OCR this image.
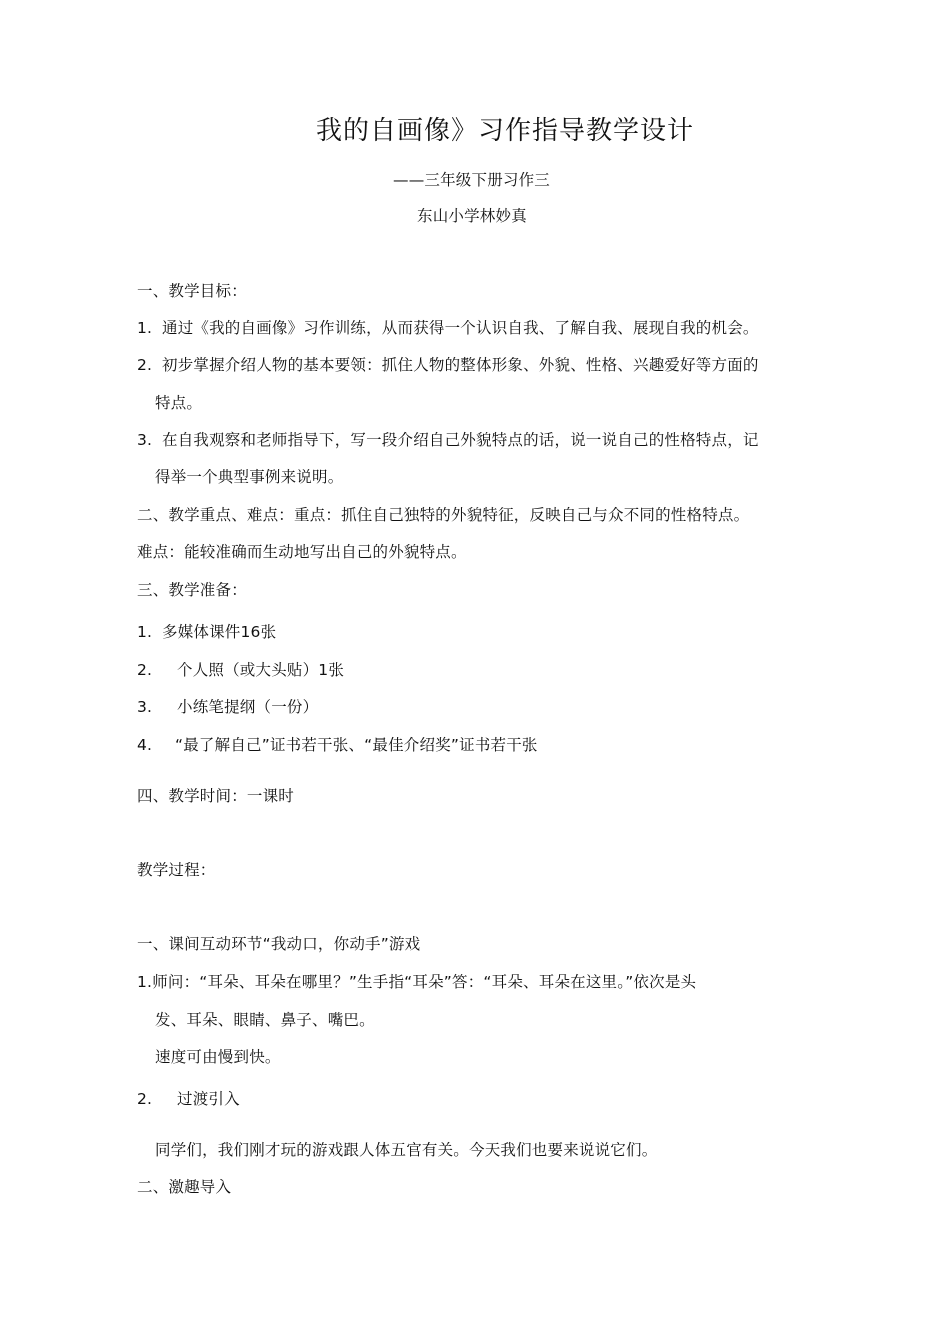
我的自画像》习作指导教学设计
——三年级下册习作三
东山小学林妙真
一、教学目标：
1. 通过《我的自画像》习作训练，从而获得一个认识自我、了解自我、展现自我的机会。
2. 初步掌握介绍人物的基本要领：抓住人物的整体形象、外貌、性格、兴趣爱好等方面的
特点。
3. 在自我观察和老师指导下，写一段介绍自己外貌特点的话，说一说自己的性格特点，记
得举一个典型事例来说明。
二、教学重点、难点：重点：抓住自己独特的外貌特征，反映自己与众不同的性格特点。
难点：能较准确而生动地写出自己的外貌特点。
三、教学准备：
1. 多媒体课件16张
2. 个人照（或大头贴）1张
3. 小练笔提纲（一份）
4. “最了解自己”证书若干张、“最佳介绍奖”证书若干张
四、教学时间：一课时
教学过程：
一、课间互动环节“我动口，你动手”游戏
1.师问：“耳朵、耳朵在哪里？”生手指“耳朵”答：“耳朵、耳朵在这里。”依次是头
发、耳朵、眼睛、鼻子、嘴巴。
速度可由慢到快。
2. 过渡引入
同学们，我们刚才玩的游戏跟人体五官有关。今天我们也要来说说它们。
二、激趣导入
